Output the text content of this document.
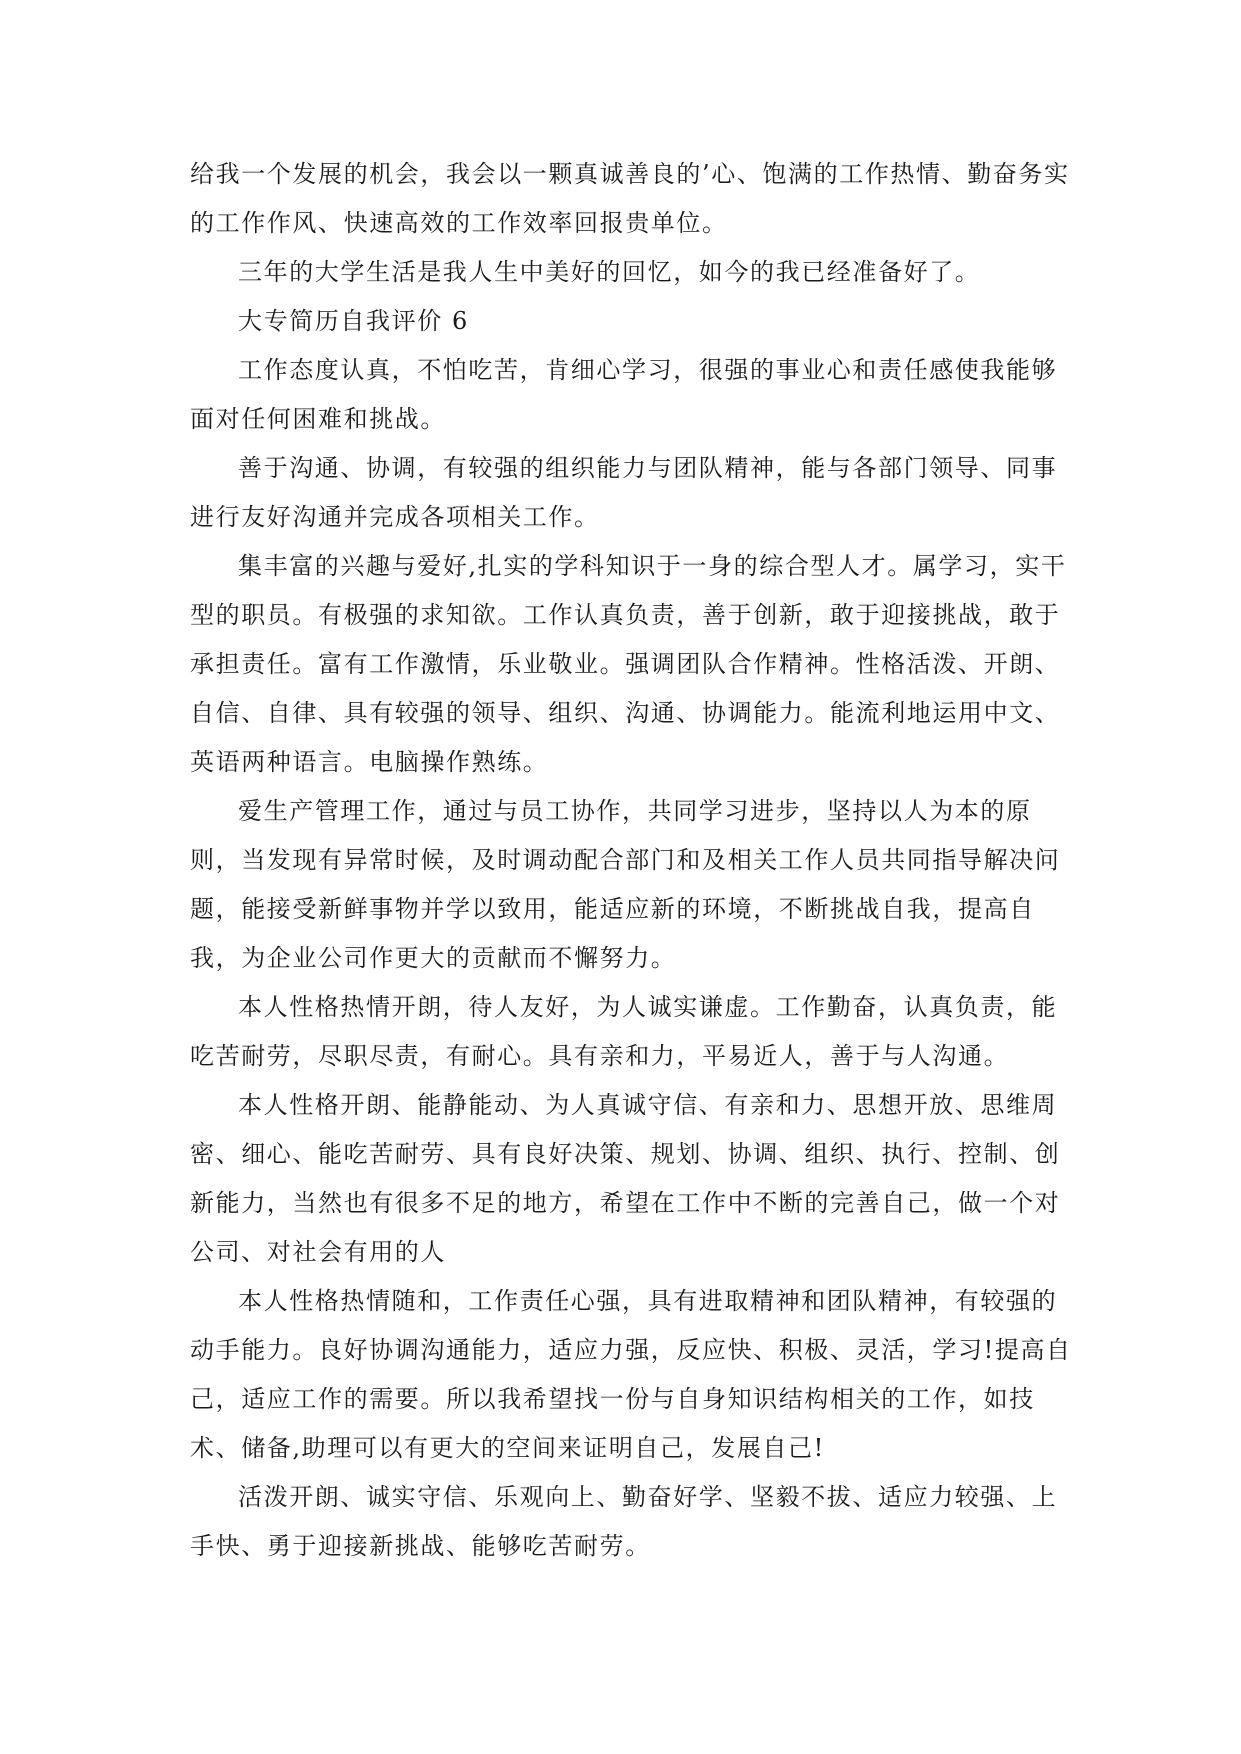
给我一个发展的机会，我会以一颗真诚善良的’心、饱满的工作热情、勤奋务实
的工作作风、快速高效的工作效率回报贵单位。
三年的大学生活是我人生中美好的回忆，如今的我已经准备好了。
大专简历自我评价 6
工作态度认真，不怕吃苦，肯细心学习，很强的事业心和责任感使我能够
面对任何困难和挑战。
善于沟通、协调，有较强的组织能力与团队精神，能与各部门领导、同事
进行友好沟通并完成各项相关工作。
集丰富的兴趣与爱好,扎实的学科知识于一身的综合型人才。属学习，实干
型的职员。有极强的求知欲。工作认真负责，善于创新，敢于迎接挑战，敢于
承担责任。富有工作激情，乐业敬业。强调团队合作精神。性格活泼、开朗、
自信、自律、具有较强的领导、组织、沟通、协调能力。能流利地运用中文、
英语两种语言。电脑操作熟练。
爱生产管理工作，通过与员工协作，共同学习进步，坚持以人为本的原
则，当发现有异常时候，及时调动配合部门和及相关工作人员共同指导解决问
题，能接受新鲜事物并学以致用，能适应新的环境，不断挑战自我，提高自
我，为企业公司作更大的贡献而不懈努力。
本人性格热情开朗，待人友好，为人诚实谦虚。工作勤奋，认真负责，能
吃苦耐劳，尽职尽责，有耐心。具有亲和力，平易近人，善于与人沟通。
本人性格开朗、能静能动、为人真诚守信、有亲和力、思想开放、思维周
密、细心、能吃苦耐劳、具有良好决策、规划、协调、组织、执行、控制、创
新能力，当然也有很多不足的地方，希望在工作中不断的完善自己，做一个对
公司、对社会有用的人
本人性格热情随和，工作责任心强，具有进取精神和团队精神，有较强的
动手能力。良好协调沟通能力，适应力强，反应快、积极、灵活，学习!提高自
己，适应工作的需要。所以我希望找一份与自身知识结构相关的工作，如技
术、储备,助理可以有更大的空间来证明自己，发展自己!
活泼开朗、诚实守信、乐观向上、勤奋好学、坚毅不拔、适应力较强、上
手快、勇于迎接新挑战、能够吃苦耐劳。
